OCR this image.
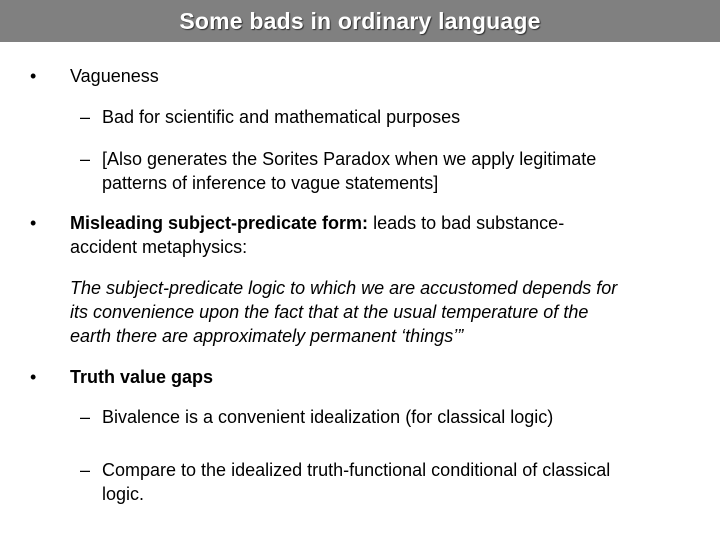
Some bads in ordinary language
• Vagueness
– Bad for scientific and mathematical purposes
– [Also generates the Sorites Paradox when we apply legitimate
patterns of inference to vague statements]
• Misleading subject-predicate form: leads to bad substance-
accident metaphysics:
The subject-predicate logic to which we are accustomed depends for
its convenience upon the fact that at the usual temperature of the
earth there are approximately permanent ‘things’”
• Truth value gaps
– Bivalence is a convenient idealization (for classical logic)
– Compare to the idealized truth-functional conditional of classical
logic.
